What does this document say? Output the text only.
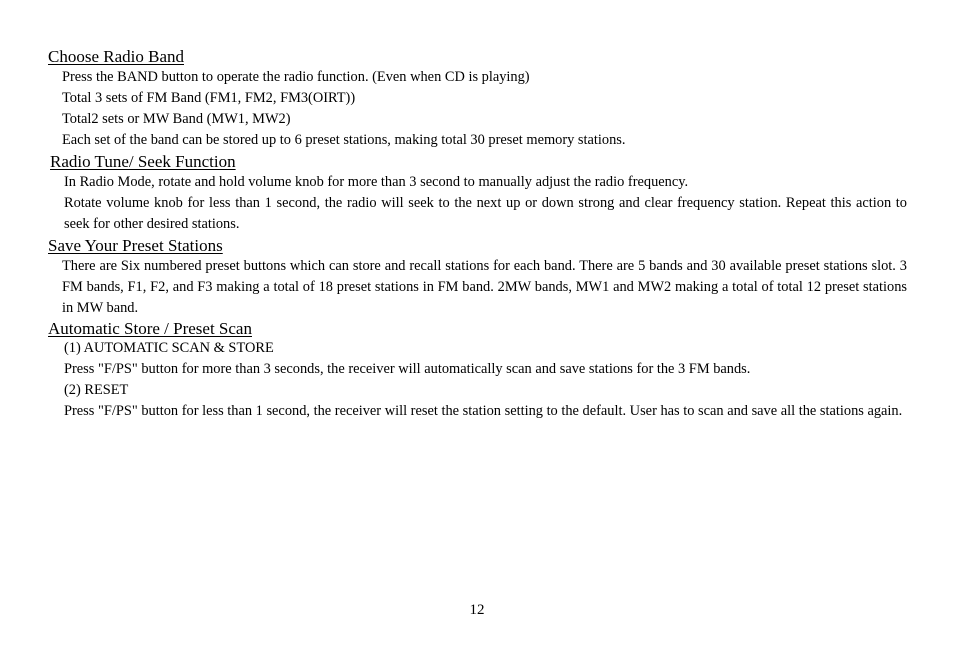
Choose Radio Band
Press the BAND button to operate the radio function. (Even when CD is playing)
Total 3 sets of FM Band (FM1, FM2, FM3(OIRT))
Total2 sets or MW Band (MW1, MW2)
Each set of the band can be stored up to 6 preset stations, making total 30 preset memory stations.
Radio Tune/ Seek Function
In Radio Mode, rotate and hold volume knob for more than 3 second to manually adjust the radio frequency.
Rotate volume knob for less than 1 second, the radio will seek to the next up or down strong and clear frequency station. Repeat this action to seek for other desired stations.
Save Your Preset Stations
There are Six numbered preset buttons which can store and recall stations for each band. There are 5 bands and 30 available preset stations slot. 3 FM bands, F1, F2, and F3 making a total of 18 preset stations in FM band. 2MW bands, MW1 and MW2 making a total of total 12 preset stations in MW band.
Automatic Store / Preset Scan
(1) AUTOMATIC SCAN & STORE
Press "F/PS" button for more than 3 seconds, the receiver will automatically scan and save stations for the 3 FM bands.
(2) RESET
Press "F/PS" button for less than 1 second, the receiver will reset the station setting to the default. User has to scan and save all the stations again.
12
